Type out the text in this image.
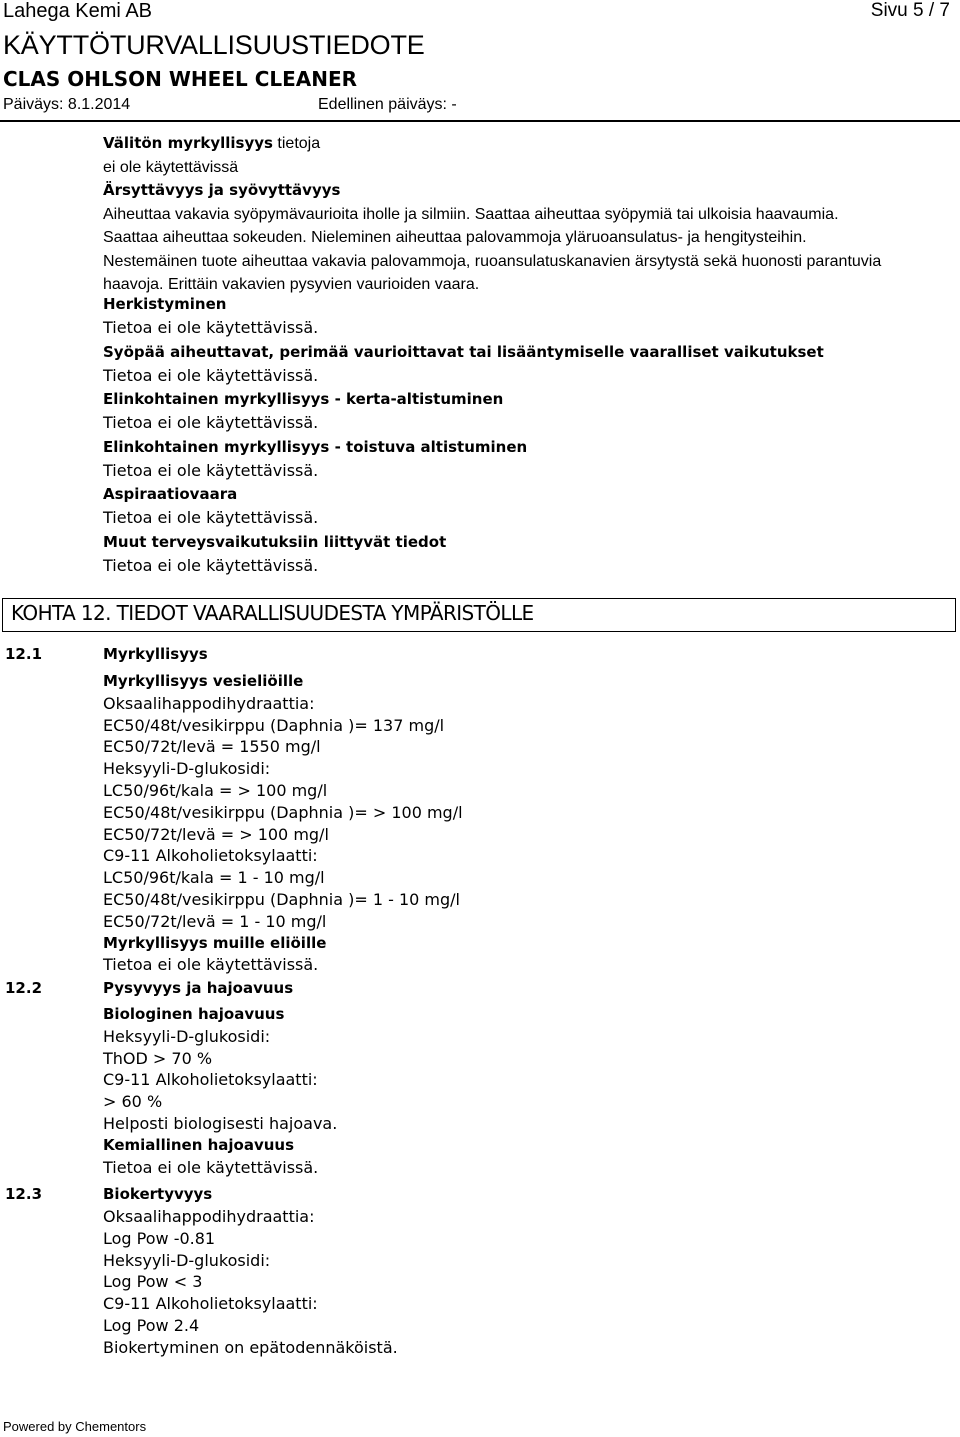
Lahega Kemi AB	Sivu 5 / 7
KÄYTTÖTURVALLISUUSTIEDOTE
CLAS OHLSON WHEEL CLEANER
Päiväys: 8.1.2014	Edellinen päiväys: -
Välitön myrkyllisyys tietoja
ei ole käytettävissä
Ärsyttävyys ja syövyttävyys
Aiheuttaa vakavia syöpymävaurioita iholle ja silmiin. Saattaa aiheuttaa syöpymiä tai ulkoisia haavaumia.
Saattaa aiheuttaa sokeuden. Nieleminen aiheuttaa palovammoja yläruoansulatus- ja hengitysteihin.
Nestemäinen tuote aiheuttaa vakavia palovammoja, ruoansulatuskanavien ärsytystä sekä huonosti parantuvia
haavoja. Erittäin vakavien pysyvien vaurioiden vaara.
Herkistyminen
Tietoa ei ole käytettävissä.
Syöpää aiheuttavat, perimää vaurioittavat tai lisääntymiselle vaaralliset vaikutukset
Tietoa ei ole käytettävissä.
Elinkohtainen myrkyllisyys - kerta-altistuminen
Tietoa ei ole käytettävissä.
Elinkohtainen myrkyllisyys - toistuva altistuminen
Tietoa ei ole käytettävissä.
Aspiraatiovaara
Tietoa ei ole käytettävissä.
Muut terveysvaikutuksiin liittyvät tiedot
Tietoa ei ole käytettävissä.
KOHTA 12. TIEDOT VAARALLISUUDESTA YMPÄRISTÖLLE
12.1	Myrkyllisyys
Myrkyllisyys vesieliöille
Oksaalihappodihydraattia:
EC50/48t/vesikirppu (Daphnia )= 137 mg/l
EC50/72t/levä = 1550 mg/l
Heksyyli-D-glukosidi:
LC50/96t/kala = > 100 mg/l
EC50/48t/vesikirppu (Daphnia )= > 100 mg/l
EC50/72t/levä = > 100 mg/l
C9-11 Alkoholietoksylaatti:
LC50/96t/kala = 1 - 10 mg/l
EC50/48t/vesikirppu (Daphnia )= 1 - 10 mg/l
EC50/72t/levä = 1 - 10 mg/l
Myrkyllisyys muille eliöille
Tietoa ei ole käytettävissä.
12.2	Pysyvyys ja hajoavuus
Biologinen hajoavuus
Heksyyli-D-glukosidi:
ThOD > 70 %
C9-11 Alkoholietoksylaatti:
> 60 %
Helposti biologisesti hajoava.
Kemiallinen hajoavuus
Tietoa ei ole käytettävissä.
12.3	Biokertyvyys
Oksaalihappodihydraattia:
Log Pow -0.81
Heksyyli-D-glukosidi:
Log Pow < 3
C9-11 Alkoholietoksylaatti:
Log Pow 2.4
Biokertyminen on epätodennäköistä.
Powered by Chementors
